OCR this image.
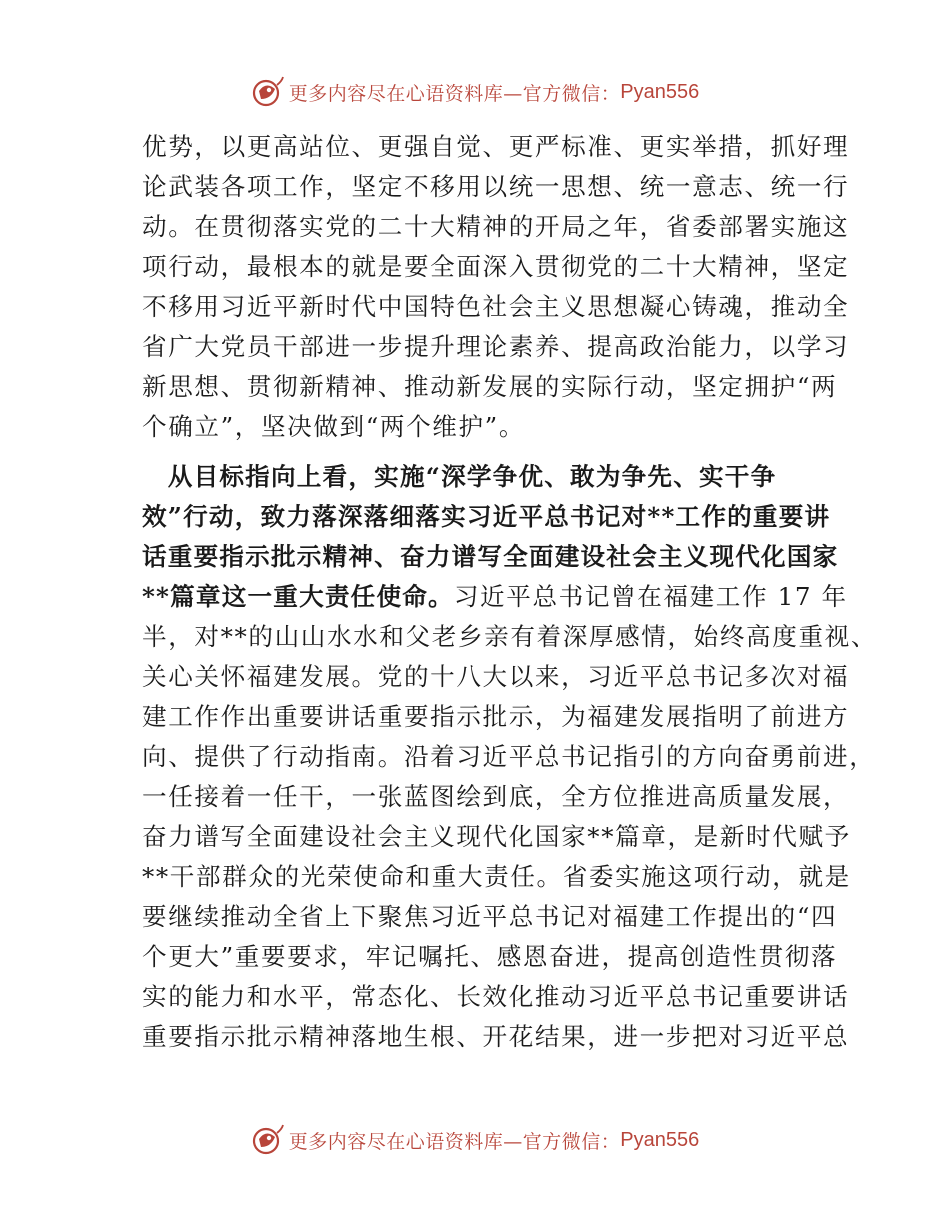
更多内容尽在心语资料库—官方微信： Pyan556
优势，以更高站位、更强自觉、更严标准、更实举措，抓好理
论武装各项工作，坚定不移用以统一思想、统一意志、统一行
动。在贯彻落实党的二十大精神的开局之年，省委部署实施这
项行动，最根本的就是要全面深入贯彻党的二十大精神，坚定
不移用习近平新时代中国特色社会主义思想凝心铸魂，推动全
省广大党员干部进一步提升理论素养、提高政治能力，以学习
新思想、贯彻新精神、推动新发展的实际行动，坚定拥护“两
个确立”，坚决做到“两个维护”。
　从目标指向上看，实施“深学争优、敢为争先、实干争
效”行动，致力落深落细落实习近平总书记对**工作的重要讲
话重要指示批示精神、奋力谱写全面建设社会主义现代化国家
**篇章这一重大责任使命。习近平总书记曾在福建工作 17 年
半，对**的山山水水和父老乡亲有着深厚感情，始终高度重视、
关心关怀福建发展。党的十八大以来，习近平总书记多次对福
建工作作出重要讲话重要指示批示，为福建发展指明了前进方
向、提供了行动指南。沿着习近平总书记指引的方向奋勇前进，
一任接着一任干，一张蓝图绘到底，全方位推进高质量发展，
奋力谱写全面建设社会主义现代化国家**篇章，是新时代赋予
**干部群众的光荣使命和重大责任。省委实施这项行动，就是
要继续推动全省上下聚焦习近平总书记对福建工作提出的“四
个更大”重要要求，牢记嘱托、感恩奋进，提高创造性贯彻落
实的能力和水平，常态化、长效化推动习近平总书记重要讲话
重要指示批示精神落地生根、开花结果，进一步把对习近平总
更多内容尽在心语资料库—官方微信： Pyan556
